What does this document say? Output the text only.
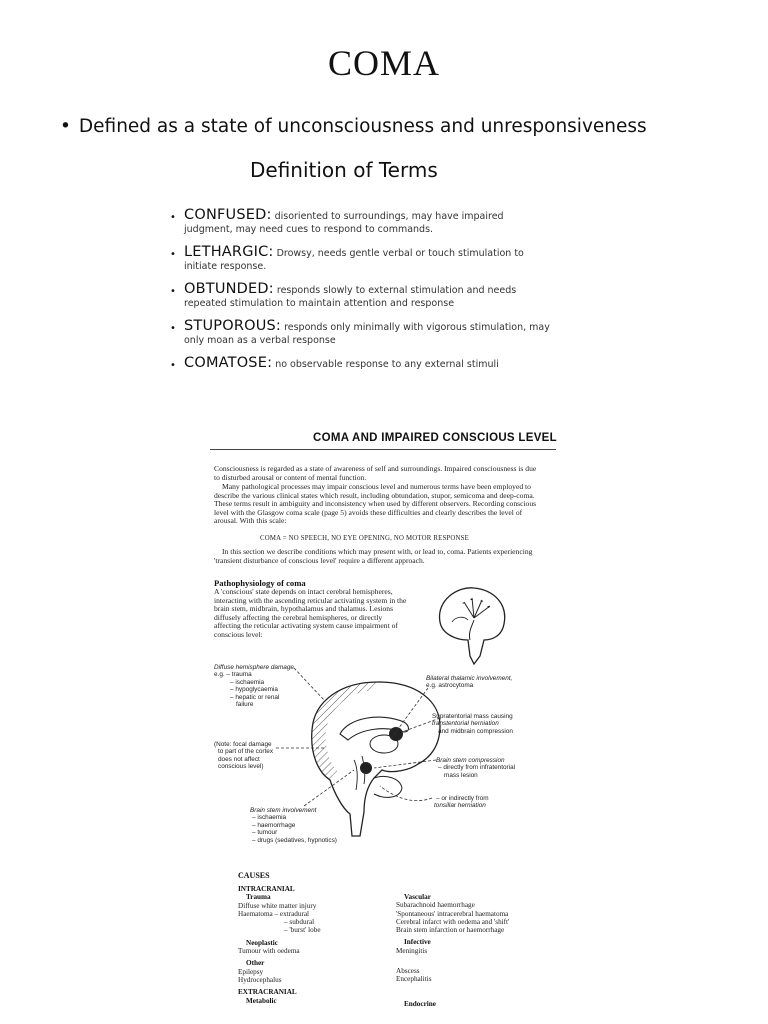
COMA
• Defined as a state of unconsciousness and unresponsiveness
Definition of Terms
• CONFUSED: disoriented to surroundings, may have impaired judgment, may need cues to respond to commands.
• LETHARGIC: Drowsy, needs gentle verbal or touch stimulation to initiate response.
• OBTUNDED: responds slowly to external stimulation and needs repeated stimulation to maintain attention and response
• STUPOROUS: responds only minimally with vigorous stimulation, may only moan as a verbal response
• COMATOSE: no observable response to any external stimuli
COMA AND IMPAIRED CONSCIOUS LEVEL
Consciousness is regarded as a state of awareness of self and surroundings. Impaired consciousness is due to disturbed arousal or content of mental function.
Many pathological processes may impair conscious level and numerous terms have been employed to describe the various clinical states which result, including obtundation, stupor, semicoma and deep-coma. These terms result in ambiguity and inconsistency when used by different observers. Recording conscious level with the Glasgow coma scale (page 5) avoids these difficulties and clearly describes the level of arousal. With this scale:
COMA = NO SPEECH, NO EYE OPENING, NO MOTOR RESPONSE
In this section we describe conditions which may present with, or lead to, coma. Patients experiencing 'transient disturbance of conscious level' require a different approach.
Pathophysiology of coma
A 'conscious' state depends on intact cerebral hemispheres, interacting with the ascending reticular activating system in the brain stem, midbrain, hypothalamus and thalamus. Lesions diffusely affecting the cerebral hemispheres, or directly affecting the reticular activating system cause impairment of conscious level:
Diffuse hemisphere damage
e.g. – trauma
– ischaemia
– hypoglycaemia
– hepatic or renal
failure
(Note: focal damage
to part of the cortex
does not affect
conscious level)
Bilateral thalamic involvement,
e.g. astrocytoma
Supratentorial mass causing
transtentorial herniation
and midbrain compression
Brain stem compression
– directly from infratentorial
mass lesion
– or indirectly from
tonsillar herniation
Brain stem involvement
– ischaemia
– haemorrhage
– tumour
– drugs (sedatives, hypnotics)
CAUSES
INTRACRANIAL
Trauma
Diffuse white matter injury
Haematoma – extradural
– subdural
– 'burst' lobe

Neoplastic
Tumour with oedema

Other
Epilepsy
Hydrocephalus

EXTRACRANIAL
Metabolic
Vascular
Subarachnoid haemorrhage
'Spontaneous' intracerebral haematoma
Cerebral infarct with oedema and 'shift'
Brain stem infarction or haemorrhage

Infective
Meningitis

Abscess
Encephalitis

Endocrine
